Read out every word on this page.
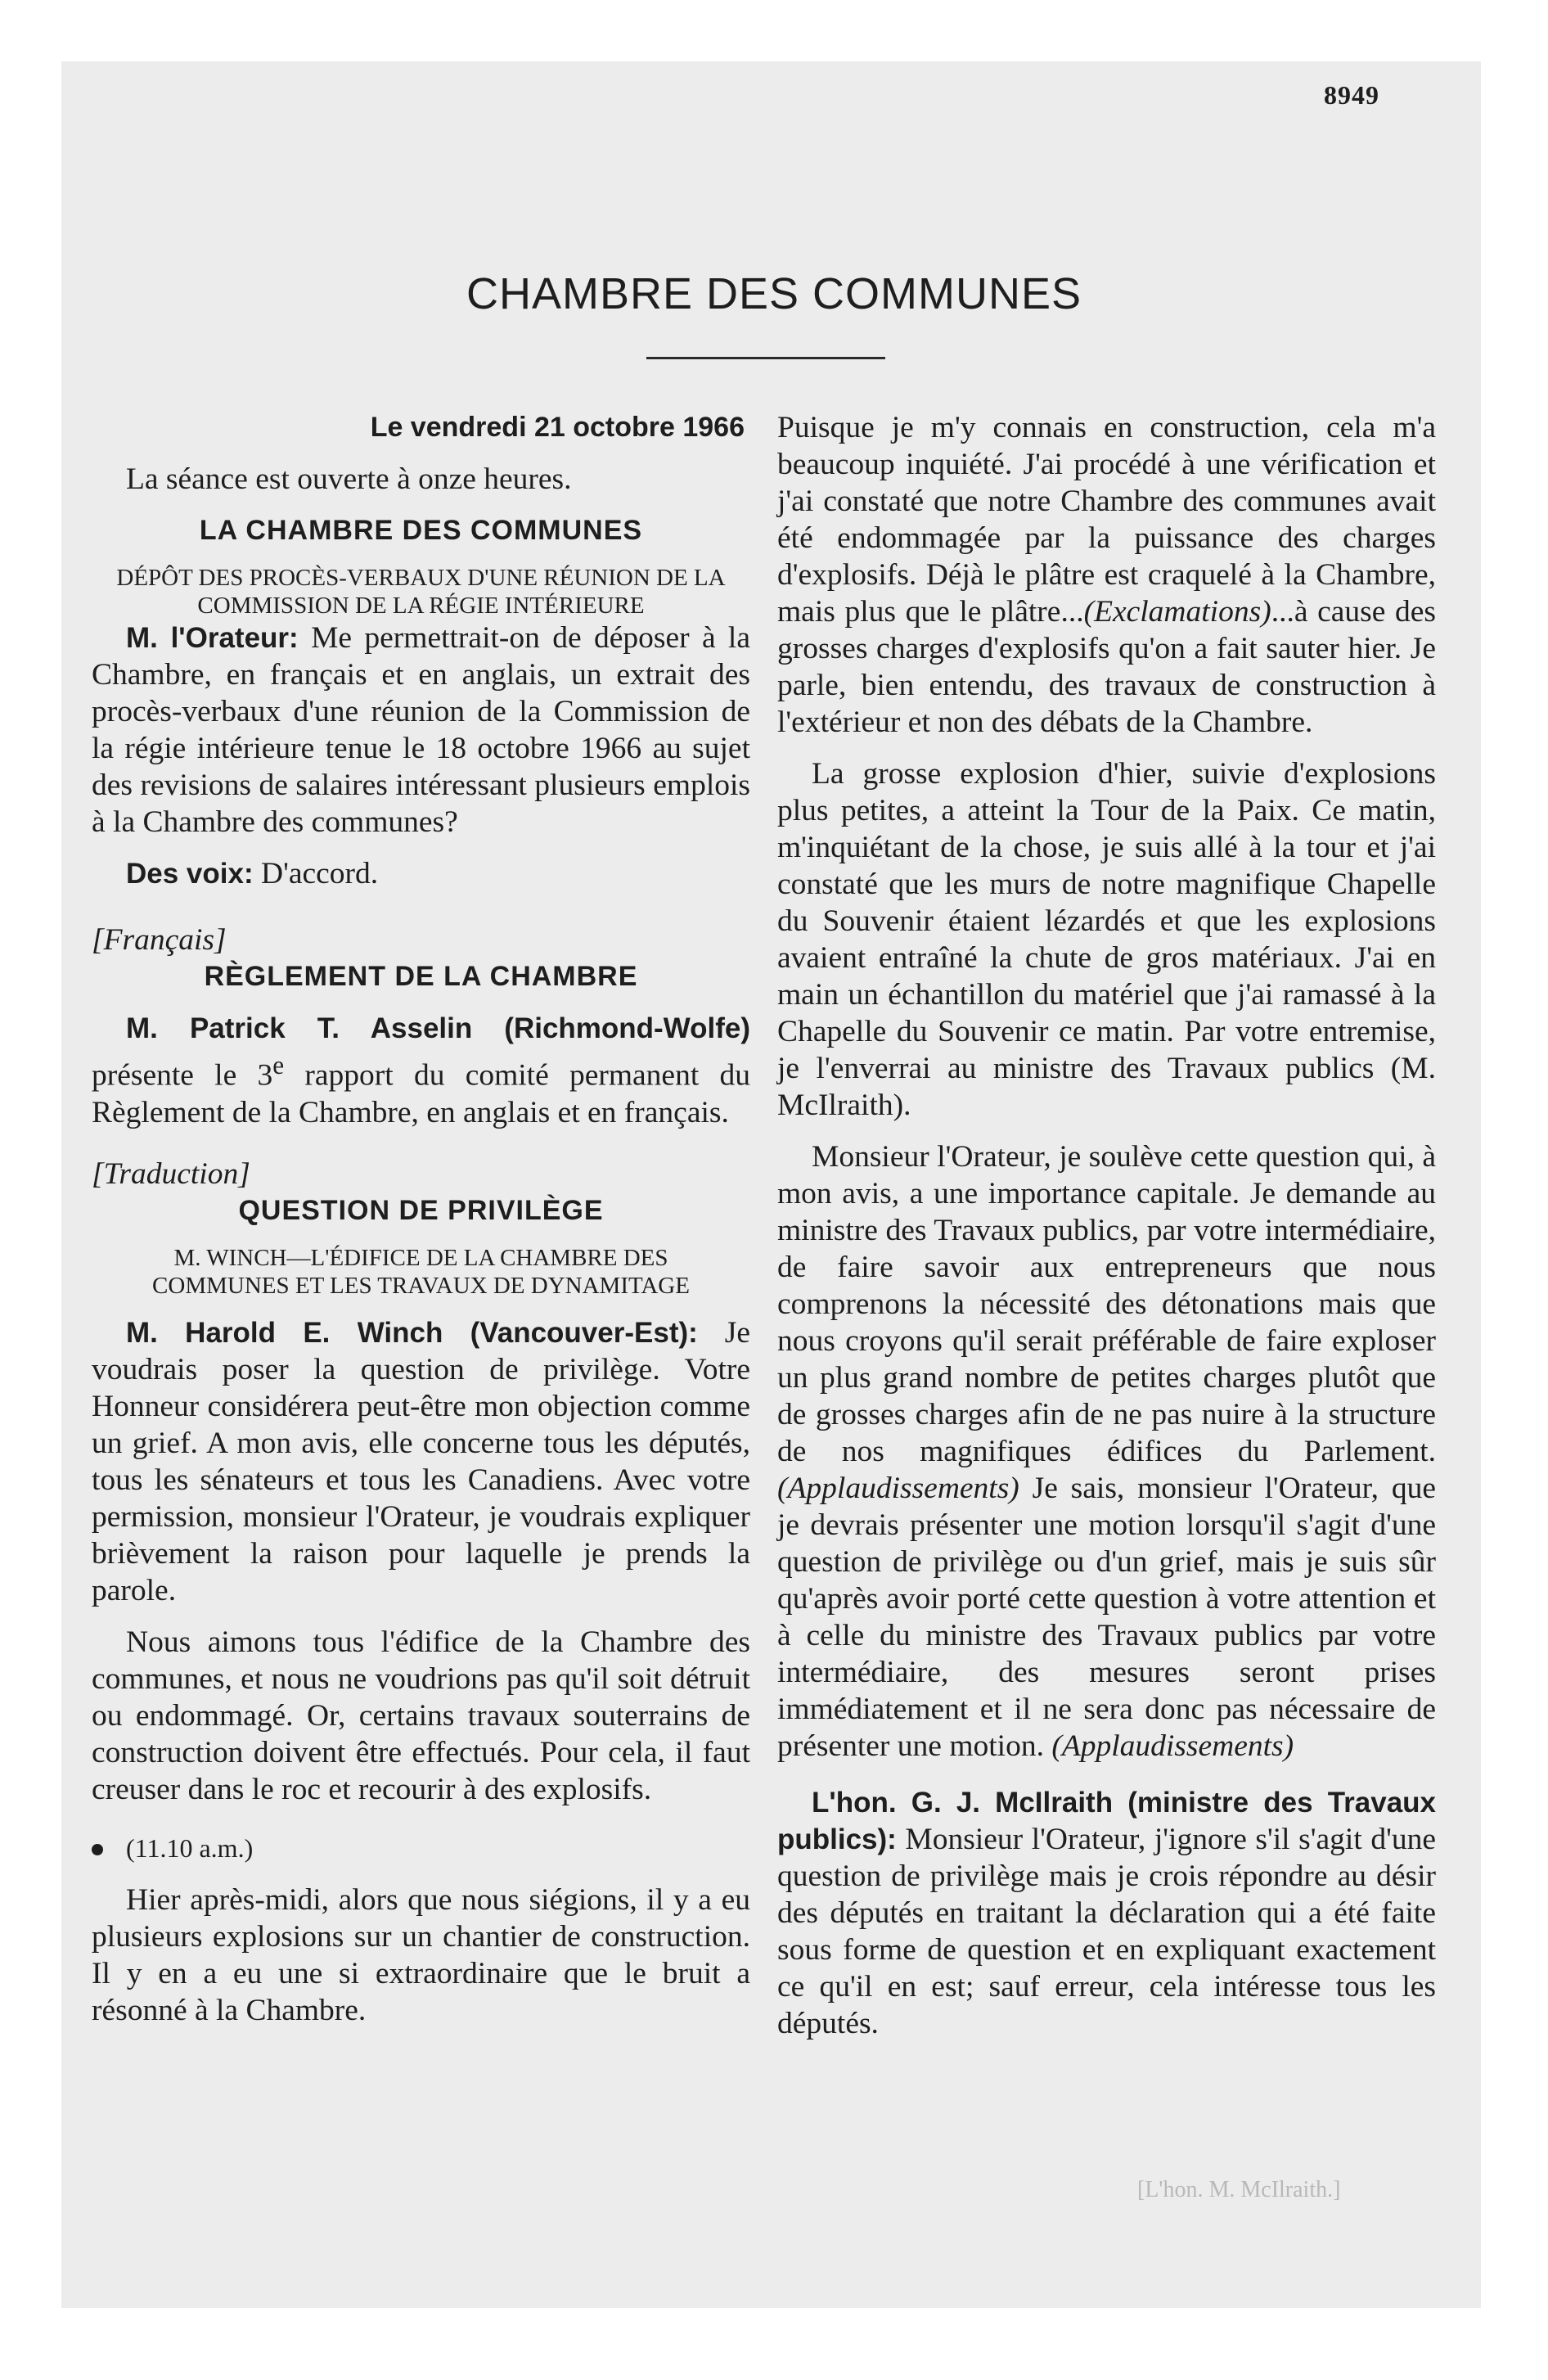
8949
CHAMBRE DES COMMUNES

Le vendredi 21 octobre 1966

La séance est ouverte à onze heures.

LA CHAMBRE DES COMMUNES

DÉPÔT DES PROCÈS-VERBAUX D'UNE RÉUNION DE LA COMMISSION DE LA RÉGIE INTÉRIEURE

M. l'Orateur: Me permettrait-on de déposer à la Chambre, en français et en anglais, un extrait des procès-verbaux d'une réunion de la Commission de la régie intérieure tenue le 18 octobre 1966 au sujet des revisions de salaires intéressant plusieurs emplois à la Chambre des communes?

Des voix: D'accord.

[Français]

RÈGLEMENT DE LA CHAMBRE

M. Patrick T. Asselin (Richmond-Wolfe) présente le 3e rapport du comité permanent du Règlement de la Chambre, en anglais et en français.

[Traduction]

QUESTION DE PRIVILÈGE

M. WINCH—L'ÉDIFICE DE LA CHAMBRE DES COMMUNES ET LES TRAVAUX DE DYNAMITAGE

M. Harold E. Winch (Vancouver-Est): Je voudrais poser la question de privilège. Votre Honneur considérera peut-être mon objection comme un grief. A mon avis, elle concerne tous les députés, tous les sénateurs et tous les Canadiens. Avec votre permission, monsieur l'Orateur, je voudrais expliquer brièvement la raison pour laquelle je prends la parole.

Nous aimons tous l'édifice de la Chambre des communes, et nous ne voudrions pas qu'il soit détruit ou endommagé. Or, certains travaux souterrains de construction doivent être effectués. Pour cela, il faut creuser dans le roc et recourir à des explosifs.

(11.10 a.m.)

Hier après-midi, alors que nous siégions, il y a eu plusieurs explosions sur un chantier de construction. Il y en a eu une si extraordinaire que le bruit a résonné à la Chambre.

Puisque je m'y connais en construction, cela m'a beaucoup inquiété. J'ai procédé à une vérification et j'ai constaté que notre Chambre des communes avait été endommagée par la puissance des charges d'explosifs. Déjà le plâtre est craquelé à la Chambre, mais plus que le plâtre...(Exclamations)...à cause des grosses charges d'explosifs qu'on a fait sauter hier. Je parle, bien entendu, des travaux de construction à l'extérieur et non des débats de la Chambre.

La grosse explosion d'hier, suivie d'explosions plus petites, a atteint la Tour de la Paix. Ce matin, m'inquiétant de la chose, je suis allé à la tour et j'ai constaté que les murs de notre magnifique Chapelle du Souvenir étaient lézardés et que les explosions avaient entraîné la chute de gros matériaux. J'ai en main un échantillon du matériel que j'ai ramassé à la Chapelle du Souvenir ce matin. Par votre entremise, je l'enverrai au ministre des Travaux publics (M. McIlraith).

Monsieur l'Orateur, je soulève cette question qui, à mon avis, a une importance capitale. Je demande au ministre des Travaux publics, par votre intermédiaire, de faire savoir aux entrepreneurs que nous comprenons la nécessité des détonations mais que nous croyons qu'il serait préférable de faire exploser un plus grand nombre de petites charges plutôt que de grosses charges afin de ne pas nuire à la structure de nos magnifiques édifices du Parlement. (Applaudissements) Je sais, monsieur l'Orateur, que je devrais présenter une motion lorsqu'il s'agit d'une question de privilège ou d'un grief, mais je suis sûr qu'après avoir porté cette question à votre attention et à celle du ministre des Travaux publics par votre intermédiaire, des mesures seront prises immédiatement et il ne sera donc pas nécessaire de présenter une motion. (Applaudissements)

L'hon. G. J. McIlraith (ministre des Travaux publics): Monsieur l'Orateur, j'ignore s'il s'agit d'une question de privilège mais je crois répondre au désir des députés en traitant la déclaration qui a été faite sous forme de question et en expliquant exactement ce qu'il en est; sauf erreur, cela intéresse tous les députés.

[L'hon. M. McIlraith.]
